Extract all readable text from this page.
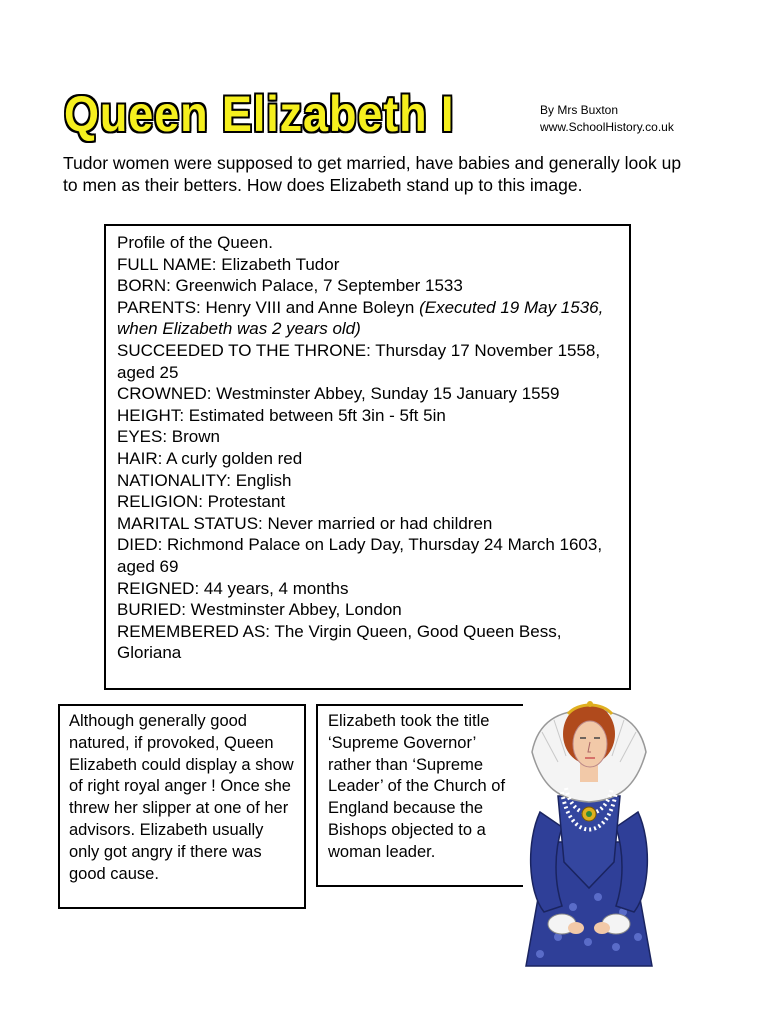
Queen Elizabeth I	By Mrs Buxton
www.SchoolHistory.co.uk

Tudor women were supposed to get married, have babies and generally look up to men as their betters. How does Elizabeth stand up to this image.

Profile of the Queen.

FULL NAME: Elizabeth Tudor

BORN: Greenwich Palace, 7 September 1533

PARENTS: Henry VIII and Anne Boleyn (Executed 19 May 1536, when Elizabeth was 2 years old)

SUCCEEDED TO THE THRONE: Thursday 17 November 1558, aged 25

CROWNED: Westminster Abbey, Sunday 15 January 1559

HEIGHT: Estimated between 5ft 3in - 5ft 5in

EYES: Brown

HAIR: A curly golden red

NATIONALITY: English

RELIGION: Protestant

MARITAL STATUS: Never married or had children

DIED: Richmond Palace on Lady Day, Thursday 24 March 1603, aged 69

REIGNED: 44 years, 4 months

BURIED: Westminster Abbey, London

REMEMBERED AS: The Virgin Queen, Good Queen Bess, Gloriana

Although generally good natured, if provoked, Queen Elizabeth could display a show of right royal anger ! Once she threw her slipper at one of her advisors. Elizabeth usually only got angry if there was good cause.

Elizabeth took the title ‘Supreme Governor’ rather than ‘Supreme Leader’ of the Church of England because the Bishops objected to a woman leader.
